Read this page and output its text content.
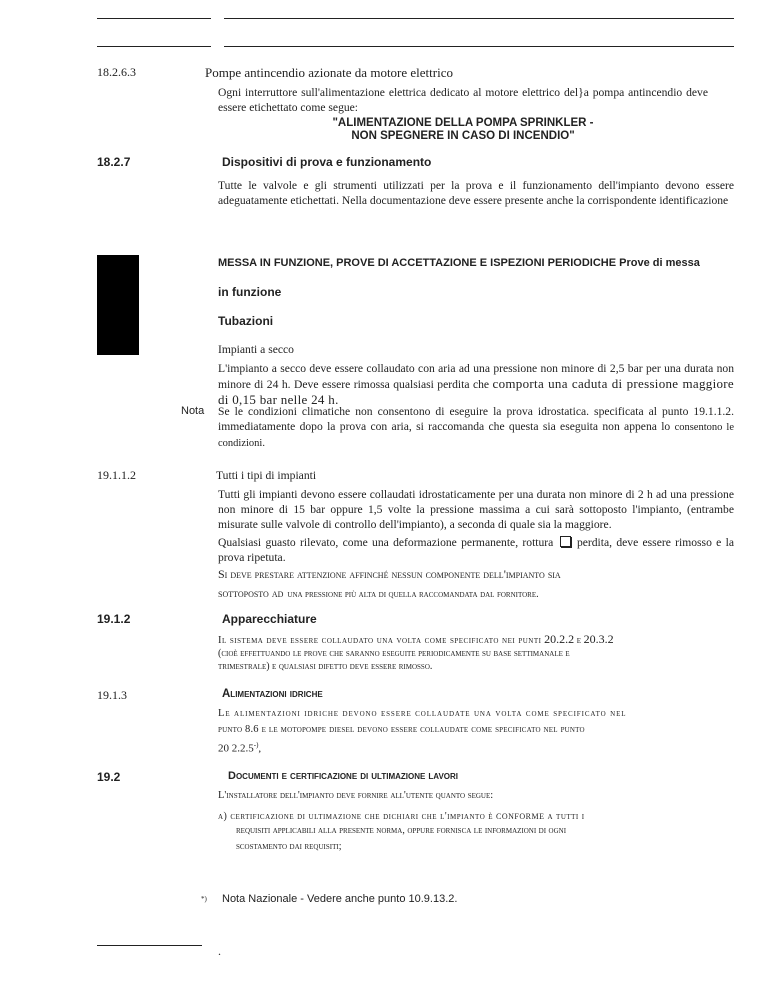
18.2.6.3	Pompe antincendio azionate da motore elettrico
Ogni interruttore sull'alimentazione elettrica dedicato al motore elettrico del}a pompa antincendio deve essere etichettato come segue:
"ALIMENTAZIONE DELLA POMPA SPRINKLER -
NON SPEGNERE IN CASO DI INCENDIO"
18.2.7	Dispositivi di prova e funzionamento
Tutte le valvole e gli strumenti utilizzati per la prova e il funzionamento dell'impianto devono essere adeguatamente etichettati. Nella documentazione deve essere presente anche la corrispondente identificazione
MESSA IN FUNZIONE, PROVE DI ACCETTAZIONE E ISPEZIONI PERIODICHE Prove di messa
in funzione
Tubazioni
Impianti a secco
L'impianto a secco deve essere collaudato con aria ad una pressione non minore di 2,5 bar per una durata non minore di 24 h. Deve essere rimossa qualsiasi perdita che comporta una caduta di pressione maggiore di 0,15 bar nelle 24 h.
Nota Se le condizioni climatiche non consentono di eseguire la prova idrostatica. specificata al punto 19.1.1.2. immediatamente dopo la prova con aria, si raccomanda che questa sia eseguita non appena lo consentono le condizioni.
19.1.1.2	Tutti i tipi di impianti
Tutti gli impianti devono essere collaudati idrostaticamente per una durata non minore di 2 h ad una pressione non minore di 15 bar oppure 1,5 volte la pressione massima a cui sarà sottoposto l'impianto, (entrambe misurate sulle valvole di controllo dell'impianto), a seconda di quale sia la maggiore.
Qualsiasi guasto rilevato, come una deformazione permanente, rottura perdita, deve essere rimosso e la prova ripetuta.
Si deve prestare attenzione affinché nessun componente dell'impianto sia
sottoposto ad una pressione più alta di quella raccomandata dal fornitore.
19.1.2	Apparecchiature
Il sistema deve essere collaudato una volta come specificato nei punti 20.2.2 e 20.3.2
(cioè effettuando le prove che saranno eseguite periodicamente su base settimanale e
trimestrale) e qualsiasi difetto deve essere rimosso.
19.1.3	Alimentazioni idriche
Le alimentazioni idriche devono essere collaudate una volta come specificato nel
punto 8.6 e le motopompe diesel devono essere collaudate come specificato nel punto
20 2.2.5-),
19.2	Documenti e certificazione di ultimazione lavori
L'installatore dell'impianto deve fornire all'utente quanto segue:
a) certificazione di ultimazione che dichiari che l'impianto è conforme a tutti i
requisiti applicabili alla presente norma, oppure fornisca le informazioni di ogni
scostamento dai requisiti;
*) Nota Nazionale - Vedere anche punto 10.9.13.2.
.
